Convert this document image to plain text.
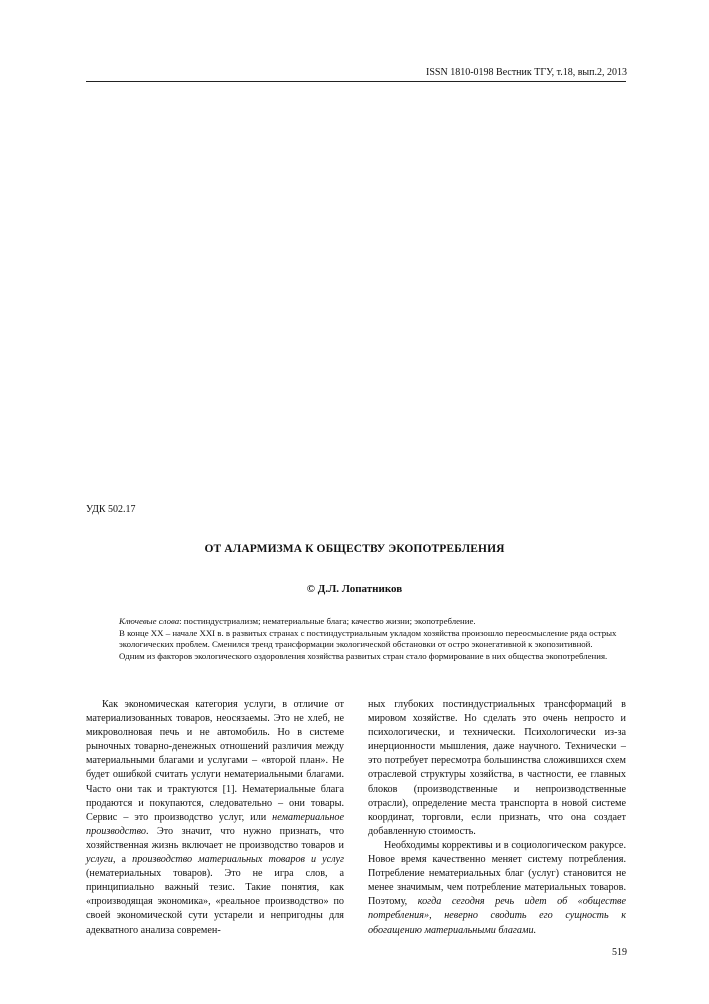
ISSN 1810-0198 Вестник ТГУ, т.18, вып.2, 2013
УДК 502.17
ОТ АЛАРМИЗМА К ОБЩЕСТВУ ЭКОПОТРЕБЛЕНИЯ
© Д.Л. Лопатников

Ключевые слова: постиндустриализм; нематериальные блага; качество жизни; экопотребление.

В конце XX – начале XXI в. в развитых странах с постиндустриальным укладом хозяйства произошло переосмысление ряда острых экологических проблем. Сменился тренд трансформации экологической обстановки от остро эконегативной к экопозитивной. Одним из факторов экологического оздоровления хозяйства развитых стран стало формирование в них общества экопотребления.

Как экономическая категория услуги, в отличие от материализованных товаров, неосязаемы. Это не хлеб, не микроволновая печь и не автомобиль. Но в системе рыночных товарно-денежных отношений различия между материальными благами и услугами – «второй план». Не будет ошибкой считать услуги нематериальными благами. Часто они так и трактуются [1]. Нематериальные блага продаются и покупаются, следовательно – они товары. Сервис – это производство услуг, или нематериальное производство. Это значит, что нужно признать, что хозяйственная жизнь включает не производство товаров и услуги, а производство материальных товаров и услуг (нематериальных товаров). Это не игра слов, а принципиально важный тезис. Такие понятия, как «производящая экономика», «реальное производство» по своей экономической сути устарели и непригодны для адекватного анализа современ-

ных глубоких постиндустриальных трансформаций в мировом хозяйстве. Но сделать это очень непросто и психологически, и технически. Психологически из-за инерционности мышления, даже научного. Технически – это потребует пересмотра большинства сложившихся схем отраслевой структуры хозяйства, в частности, ее главных блоков (производственные и непроизводственные отрасли), определение места транспорта в новой системе координат, торговли, если признать, что она создает добавленную стоимость.

Необходимы коррективы и в социологическом ракурсе. Новое время качественно меняет систему потребления. Потребление нематериальных благ (услуг) становится не менее значимым, чем потребление материальных товаров. Поэтому, когда сегодня речь идет об «обществе потребления», неверно сводить его сущность к обогащению материальными благами.

519
